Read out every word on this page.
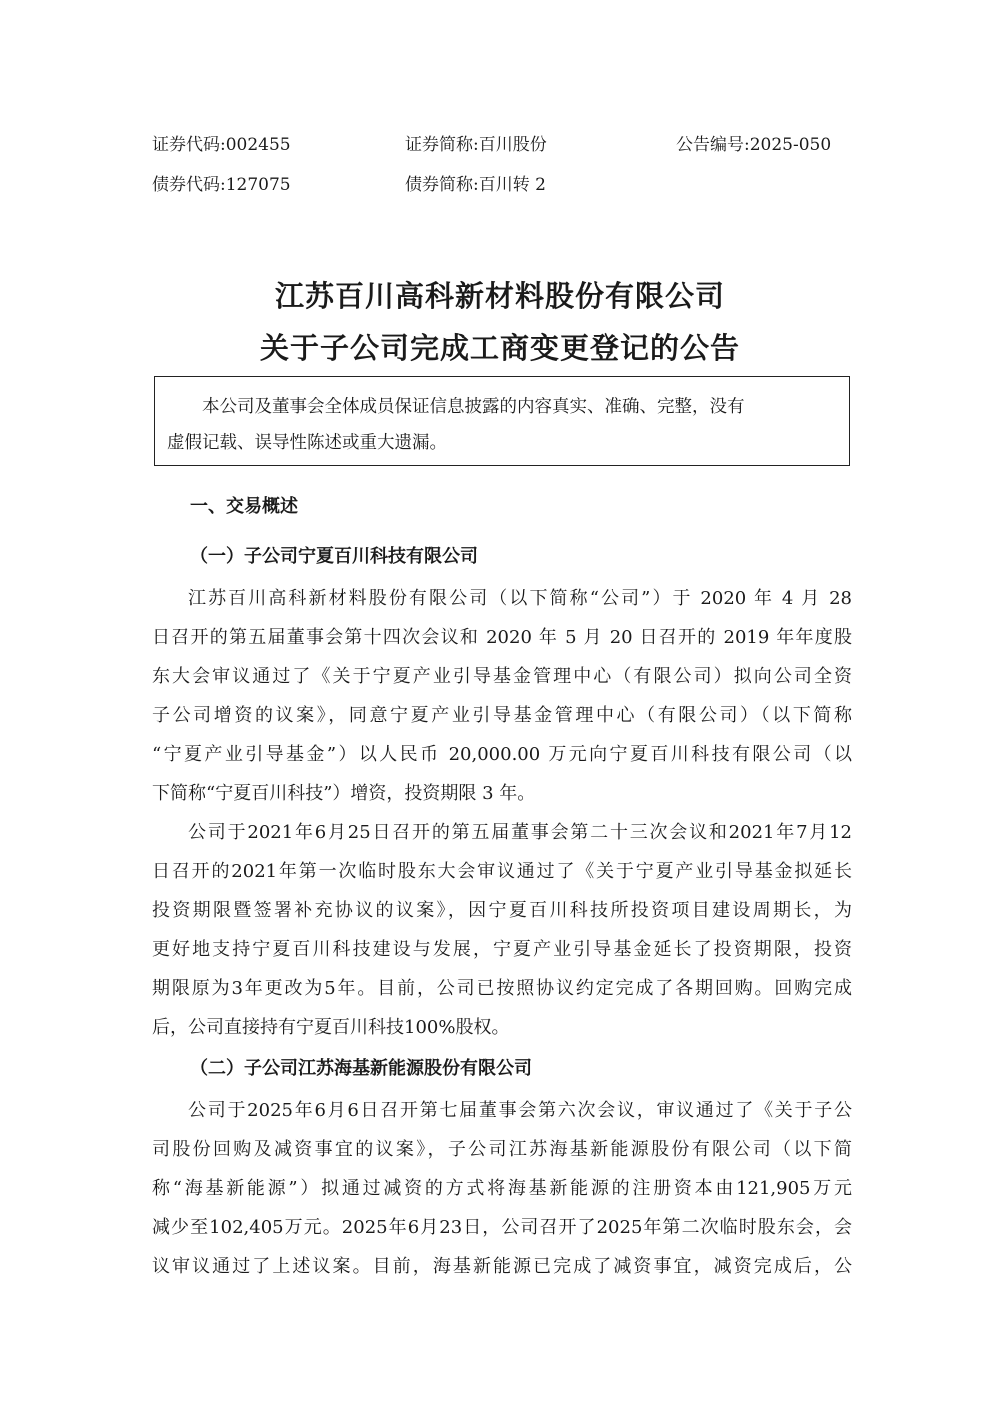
证券代码:002455	证券简称:百川股份	公告编号:2025-050
债券代码:127075	债券简称:百川转 2
江苏百川高科新材料股份有限公司
关于子公司完成工商变更登记的公告
　　本公司及董事会全体成员保证信息披露的内容真实、准确、完整，没有
虚假记载、误导性陈述或重大遗漏。
一、交易概述
（一）子公司宁夏百川科技有限公司
江苏百川高科新材料股份有限公司（以下简称“公司”）于 2020 年 4 月 28
日召开的第五届董事会第十四次会议和 2020 年 5 月 20 日召开的 2019 年年度股
东大会审议通过了《关于宁夏产业引导基金管理中心（有限公司）拟向公司全资
子公司增资的议案》，同意宁夏产业引导基金管理中心（有限公司）（以下简称
“宁夏产业引导基金”）以人民币 20,000.00 万元向宁夏百川科技有限公司（以
下简称“宁夏百川科技”）增资，投资期限 3 年。
公司于2021年6月25日召开的第五届董事会第二十三次会议和2021年7月12
日召开的2021年第一次临时股东大会审议通过了《关于宁夏产业引导基金拟延长
投资期限暨签署补充协议的议案》，因宁夏百川科技所投资项目建设周期长，为
更好地支持宁夏百川科技建设与发展，宁夏产业引导基金延长了投资期限，投资
期限原为3年更改为5年。目前，公司已按照协议约定完成了各期回购。回购完成
后，公司直接持有宁夏百川科技100%股权。
（二）子公司江苏海基新能源股份有限公司
公司于2025年6月6日召开第七届董事会第六次会议，审议通过了《关于子公
司股份回购及减资事宜的议案》，子公司江苏海基新能源股份有限公司（以下简
称“海基新能源”）拟通过减资的方式将海基新能源的注册资本由121,905万元
减少至102,405万元。2025年6月23日，公司召开了2025年第二次临时股东会，会
议审议通过了上述议案。目前，海基新能源已完成了减资事宜，减资完成后，公
